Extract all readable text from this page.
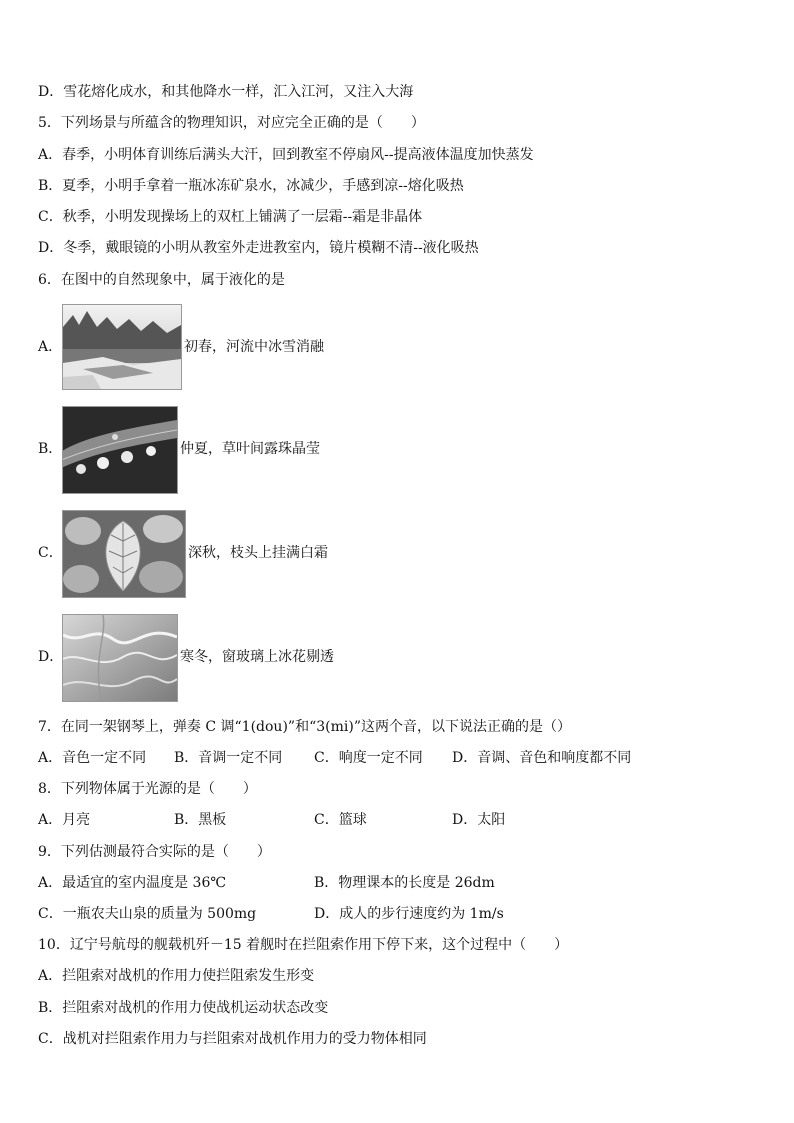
D．雪花熔化成水，和其他降水一样，汇入江河，又注入大海
5．下列场景与所蕴含的物理知识，对应完全正确的是（　　）
A．春季，小明体育训练后满头大汗，回到教室不停扇风--提高液体温度加快蒸发
B．夏季，小明手拿着一瓶冰冻矿泉水，冰减少，手感到凉--熔化吸热
C．秋季，小明发现操场上的双杠上铺满了一层霜--霜是非晶体
D．冬季，戴眼镜的小明从教室外走进教室内，镜片模糊不清--液化吸热
6．在图中的自然现象中，属于液化的是
A．	初春，河流中冰雪消融
B．	仲夏，草叶间露珠晶莹
C．	深秋，枝头上挂满白霜
D．	寒冬，窗玻璃上冰花剔透
7．在同一架钢琴上，弹奏 C 调“1(dou)”和“3(mi)”这两个音，以下说法正确的是（）
A．音色一定不同 B．音调一定不同 C．响度一定不同 D．音调、音色和响度都不同
8．下列物体属于光源的是（　　）
A．月亮	B．黑板	C．篮球	D．太阳
9．下列估测最符合实际的是（　　）
A．最适宜的室内温度是 36℃	B．物理课本的长度是 26dm
C．一瓶农夫山泉的质量为 500mg	D．成人的步行速度约为 1m/s
10．辽宁号航母的舰载机歼－15 着舰时在拦阻索作用下停下来，这个过程中（　　）
A．拦阻索对战机的作用力使拦阻索发生形变
B．拦阻索对战机的作用力使战机运动状态改变
C．战机对拦阻索作用力与拦阻索对战机作用力的受力物体相同
